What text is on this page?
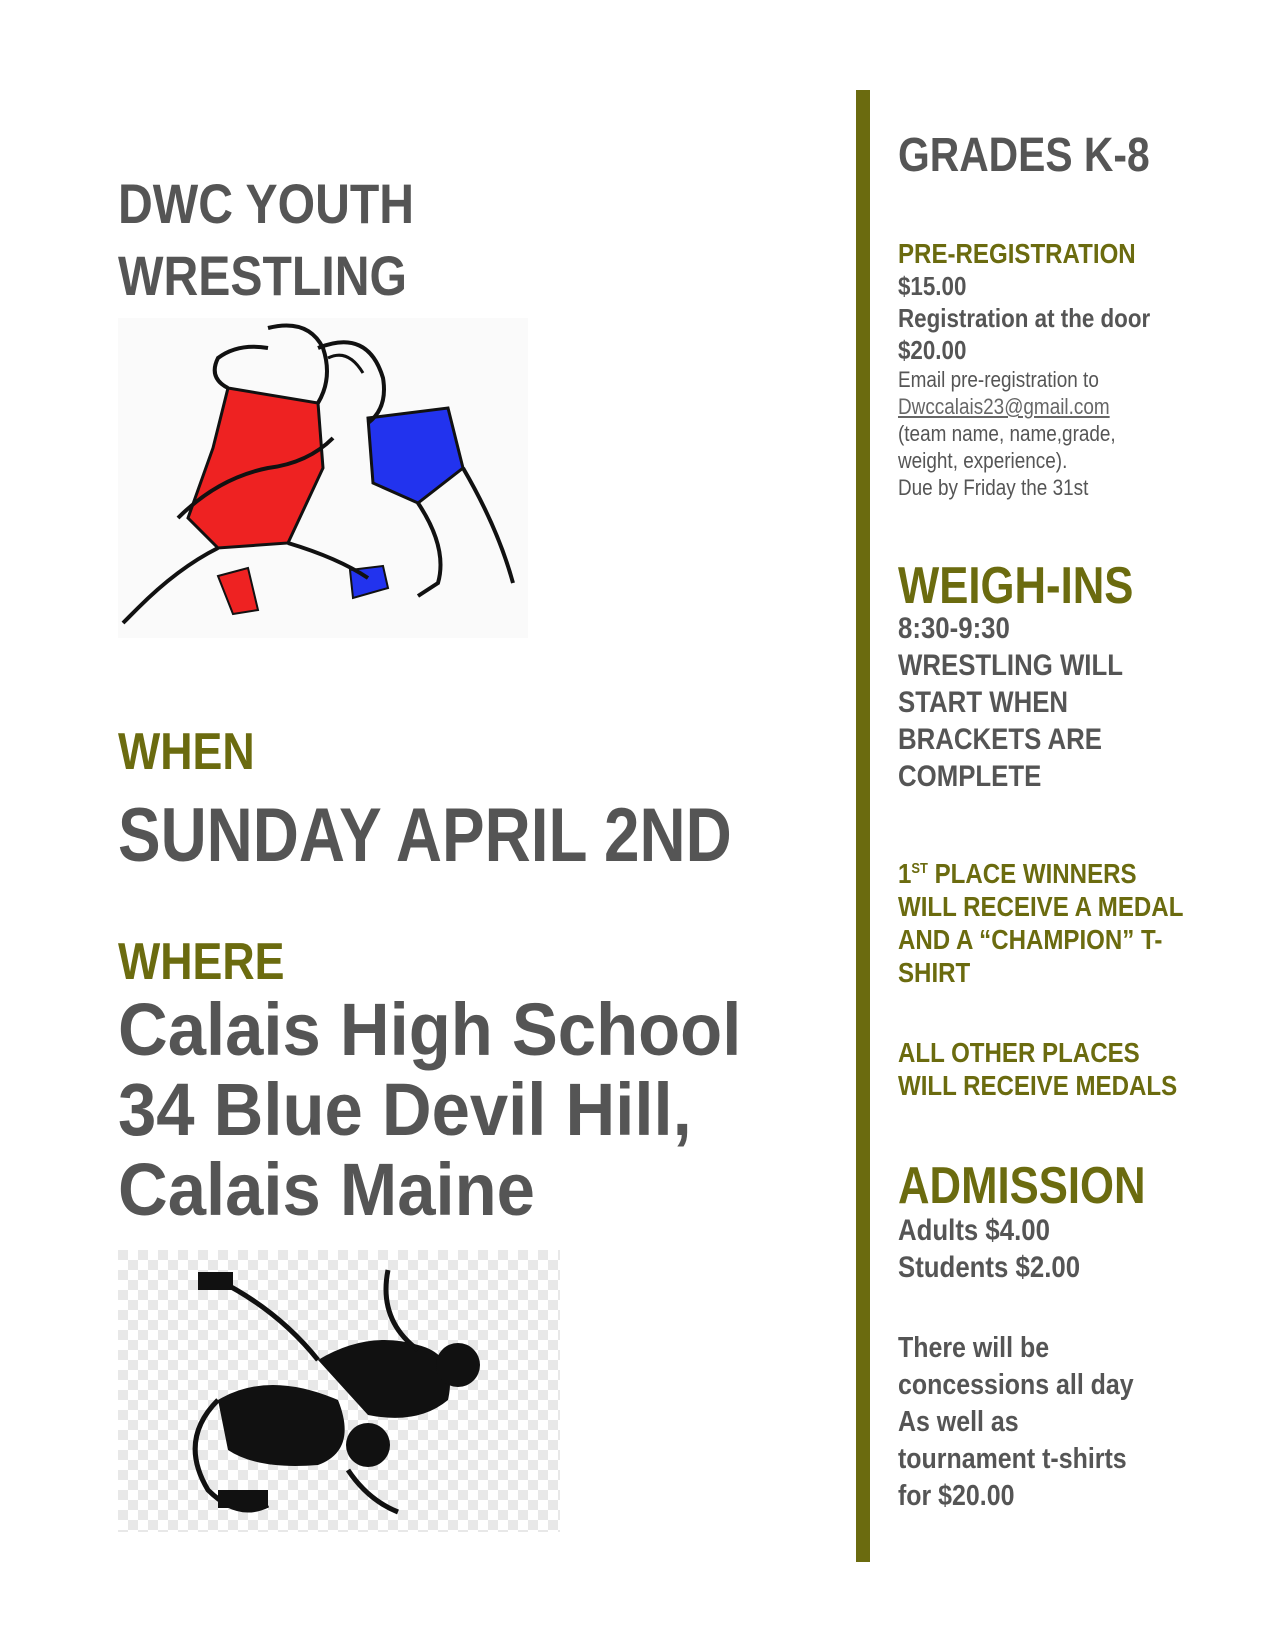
DWC YOUTH WRESTLING
WHEN
SUNDAY APRIL 2ND
WHERE
Calais High School
34 Blue Devil Hill,
Calais Maine
GRADES K-8
PRE-REGISTRATION
$15.00
Registration at the door
$20.00
Email pre-registration to
Dwccalais23@gmail.com
(team name, name,grade,
weight, experience).
Due by Friday the 31st
WEIGH-INS
8:30-9:30
WRESTLING WILL
START WHEN
BRACKETS ARE
COMPLETE
1ST PLACE WINNERS
WILL RECEIVE A MEDAL
AND A “CHAMPION” T-
SHIRT
ALL OTHER PLACES
WILL RECEIVE MEDALS
ADMISSION
Adults $4.00
Students $2.00
There will be
concessions all day
As well as
tournament t-shirts
for $20.00
